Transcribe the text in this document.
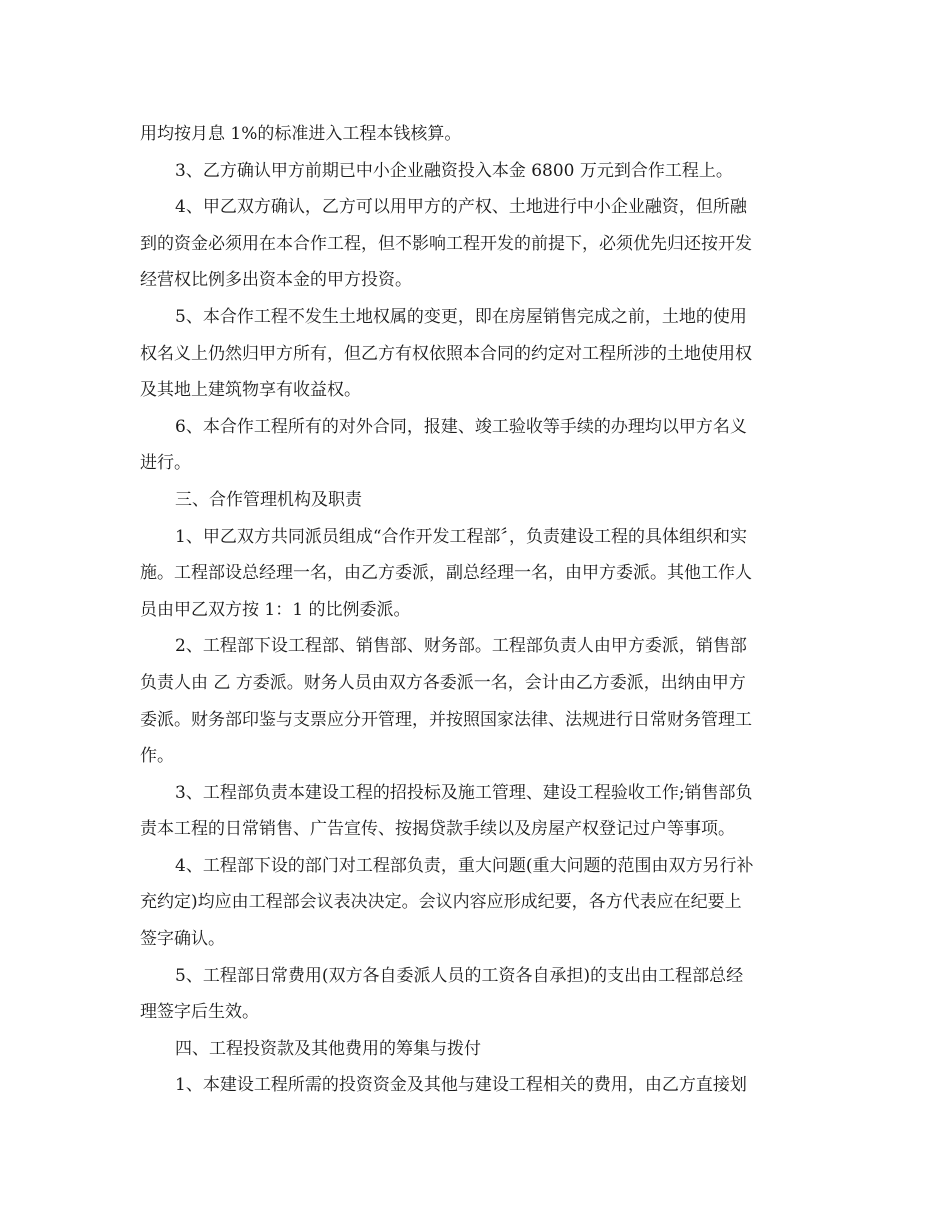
用均按月息 1%的标准进入工程本钱核算。
3、乙方确认甲方前期已中小企业融资投入本金 6800 万元到合作工程上。
4、甲乙双方确认，乙方可以用甲方的产权、土地进行中小企业融资，但所融
到的资金必须用在本合作工程，但不影响工程开发的前提下，必须优先归还按开发
经营权比例多出资本金的甲方投资。
5、本合作工程不发生土地权属的变更，即在房屋销售完成之前，土地的使用
权名义上仍然归甲方所有，但乙方有权依照本合同的约定对工程所涉的土地使用权
及其地上建筑物享有收益权。
6、本合作工程所有的对外合同，报建、竣工验收等手续的办理均以甲方名义
进行。
三、合作管理机构及职责
1、甲乙双方共同派员组成“合作开发工程部〞，负责建设工程的具体组织和实
施。工程部设总经理一名，由乙方委派，副总经理一名，由甲方委派。其他工作人
员由甲乙双方按 1：1 的比例委派。
2、工程部下设工程部、销售部、财务部。工程部负责人由甲方委派，销售部
负责人由 乙 方委派。财务人员由双方各委派一名，会计由乙方委派，出纳由甲方
委派。财务部印鉴与支票应分开管理，并按照国家法律、法规进行日常财务管理工
作。
3、工程部负责本建设工程的招投标及施工管理、建设工程验收工作;销售部负
责本工程的日常销售、广告宣传、按揭贷款手续以及房屋产权登记过户等事项。
4、工程部下设的部门对工程部负责，重大问题(重大问题的范围由双方另行补
充约定)均应由工程部会议表决决定。会议内容应形成纪要，各方代表应在纪要上
签字确认。
5、工程部日常费用(双方各自委派人员的工资各自承担)的支出由工程部总经
理签字后生效。
四、工程投资款及其他费用的筹集与拨付
1、本建设工程所需的投资资金及其他与建设工程相关的费用，由乙方直接划
